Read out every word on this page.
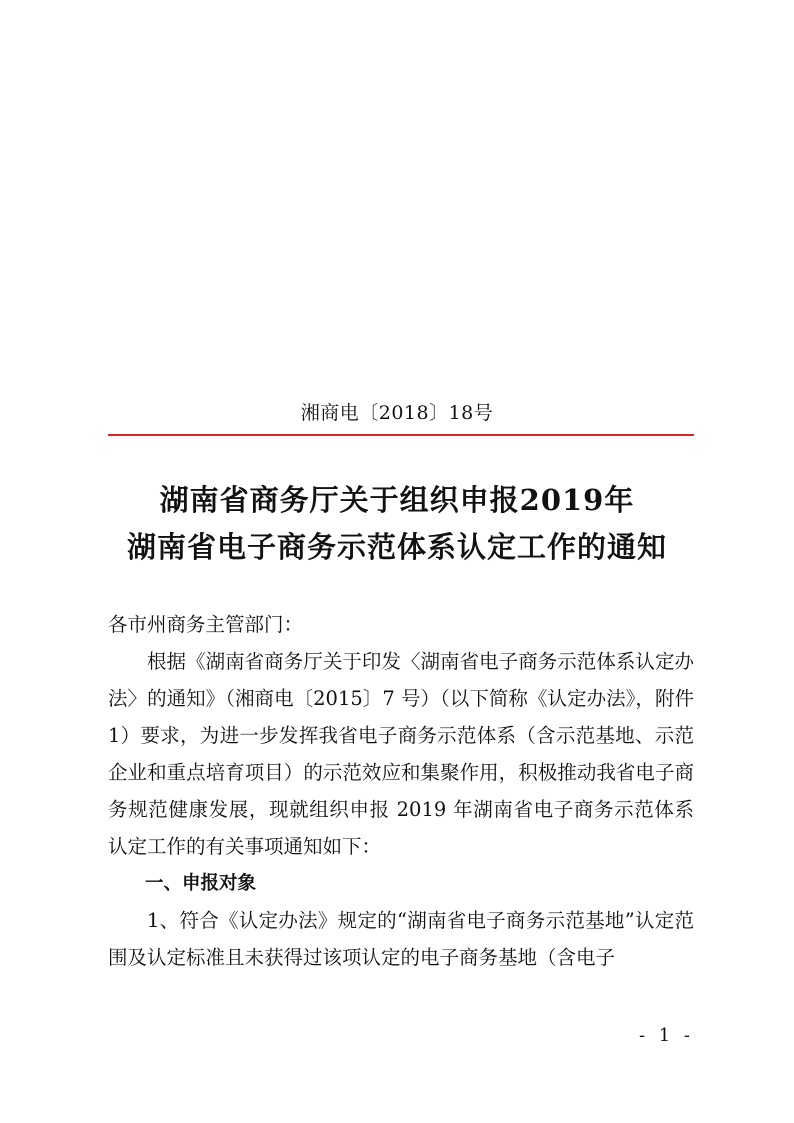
湘商电〔2018〕18号
湖南省商务厅关于组织申报2019年
湖南省电子商务示范体系认定工作的通知

各市州商务主管部门：

根据《湖南省商务厅关于印发〈湖南省电子商务示范体系认定办法〉的通知》（湘商电〔2015〕7 号）（以下简称《认定办法》，附件 1）要求，为进一步发挥我省电子商务示范体系（含示范基地、示范企业和重点培育项目）的示范效应和集聚作用，积极推动我省电子商务规范健康发展，现就组织申报 2019 年湖南省电子商务示范体系认定工作的有关事项通知如下：

一、申报对象

1、符合《认定办法》规定的“湖南省电子商务示范基地”认定范围及认定标准且未获得过该项认定的电子商务基地（含电子

- 1 -
